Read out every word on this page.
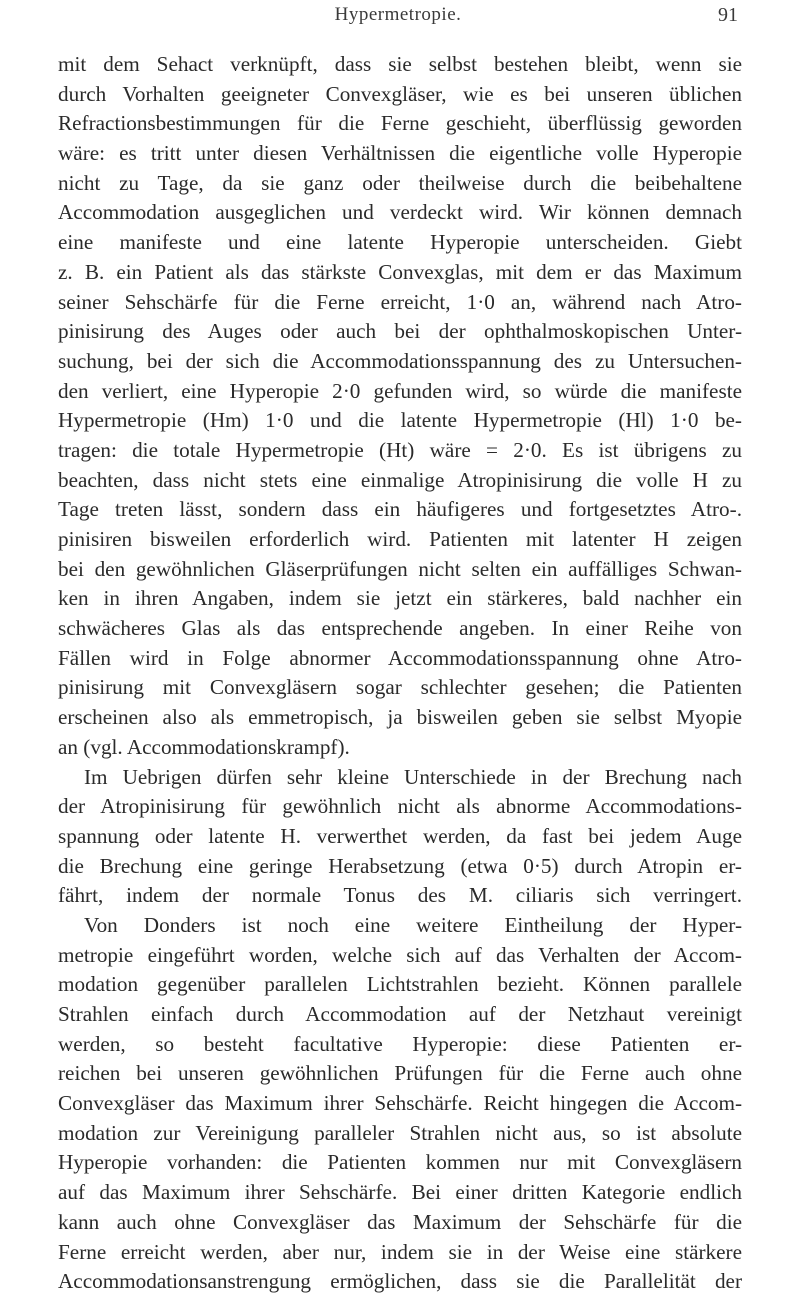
Hypermetropie.	91
mit dem Sehact verknüpft, dass sie selbst bestehen bleibt, wenn sie
durch Vorhalten geeigneter Convexgläser, wie es bei unseren üblichen
Refractionsbestimmungen für die Ferne geschieht, überflüssig geworden
wäre: es tritt unter diesen Verhältnissen die eigentliche volle Hyperopie
nicht zu Tage, da sie ganz oder theilweise durch die beibehaltene
Accommodation ausgeglichen und verdeckt wird. Wir können demnach
eine manifeste und eine latente Hyperopie unterscheiden. Giebt
z. B. ein Patient als das stärkste Convexglas, mit dem er das Maximum
seiner Sehschärfe für die Ferne erreicht, 1·0 an, während nach Atro-
pinisirung des Auges oder auch bei der ophthalmoskopischen Unter-
suchung, bei der sich die Accommodationsspannung des zu Untersuchen-
den verliert, eine Hyperopie 2·0 gefunden wird, so würde die manifeste
Hypermetropie (Hm) 1·0 und die latente Hypermetropie (Hl) 1·0 be-
tragen: die totale Hypermetropie (Ht) wäre = 2·0. Es ist übrigens zu
beachten, dass nicht stets eine einmalige Atropinisirung die volle H zu
Tage treten lässt, sondern dass ein häufigeres und fortgesetztes Atro-.
pinisiren bisweilen erforderlich wird. Patienten mit latenter H zeigen
bei den gewöhnlichen Gläserprüfungen nicht selten ein auffälliges Schwan-
ken in ihren Angaben, indem sie jetzt ein stärkeres, bald nachher ein
schwächeres Glas als das entsprechende angeben. In einer Reihe von
Fällen wird in Folge abnormer Accommodationsspannung ohne Atro-
pinisirung mit Convexgläsern sogar schlechter gesehen; die Patienten
erscheinen also als emmetropisch, ja bisweilen geben sie selbst Myopie
an (vgl. Accommodationskrampf).
Im Uebrigen dürfen sehr kleine Unterschiede in der Brechung nach
der Atropinisirung für gewöhnlich nicht als abnorme Accommodations-
spannung oder latente H. verwerthet werden, da fast bei jedem Auge
die Brechung eine geringe Herabsetzung (etwa 0·5) durch Atropin er-
fährt, indem der normale Tonus des M. ciliaris sich verringert.
Von Donders ist noch eine weitere Eintheilung der Hyper-
metropie eingeführt worden, welche sich auf das Verhalten der Accom-
modation gegenüber parallelen Lichtstrahlen bezieht. Können parallele
Strahlen einfach durch Accommodation auf der Netzhaut vereinigt
werden, so besteht facultative Hyperopie: diese Patienten er-
reichen bei unseren gewöhnlichen Prüfungen für die Ferne auch ohne
Convexgläser das Maximum ihrer Sehschärfe. Reicht hingegen die Accom-
modation zur Vereinigung paralleler Strahlen nicht aus, so ist absolute
Hyperopie vorhanden: die Patienten kommen nur mit Convexgläsern
auf das Maximum ihrer Sehschärfe. Bei einer dritten Kategorie endlich
kann auch ohne Convexgläser das Maximum der Sehschärfe für die
Ferne erreicht werden, aber nur, indem sie in der Weise eine stärkere
Accommodationsanstrengung ermöglichen, dass sie die Parallelität der
